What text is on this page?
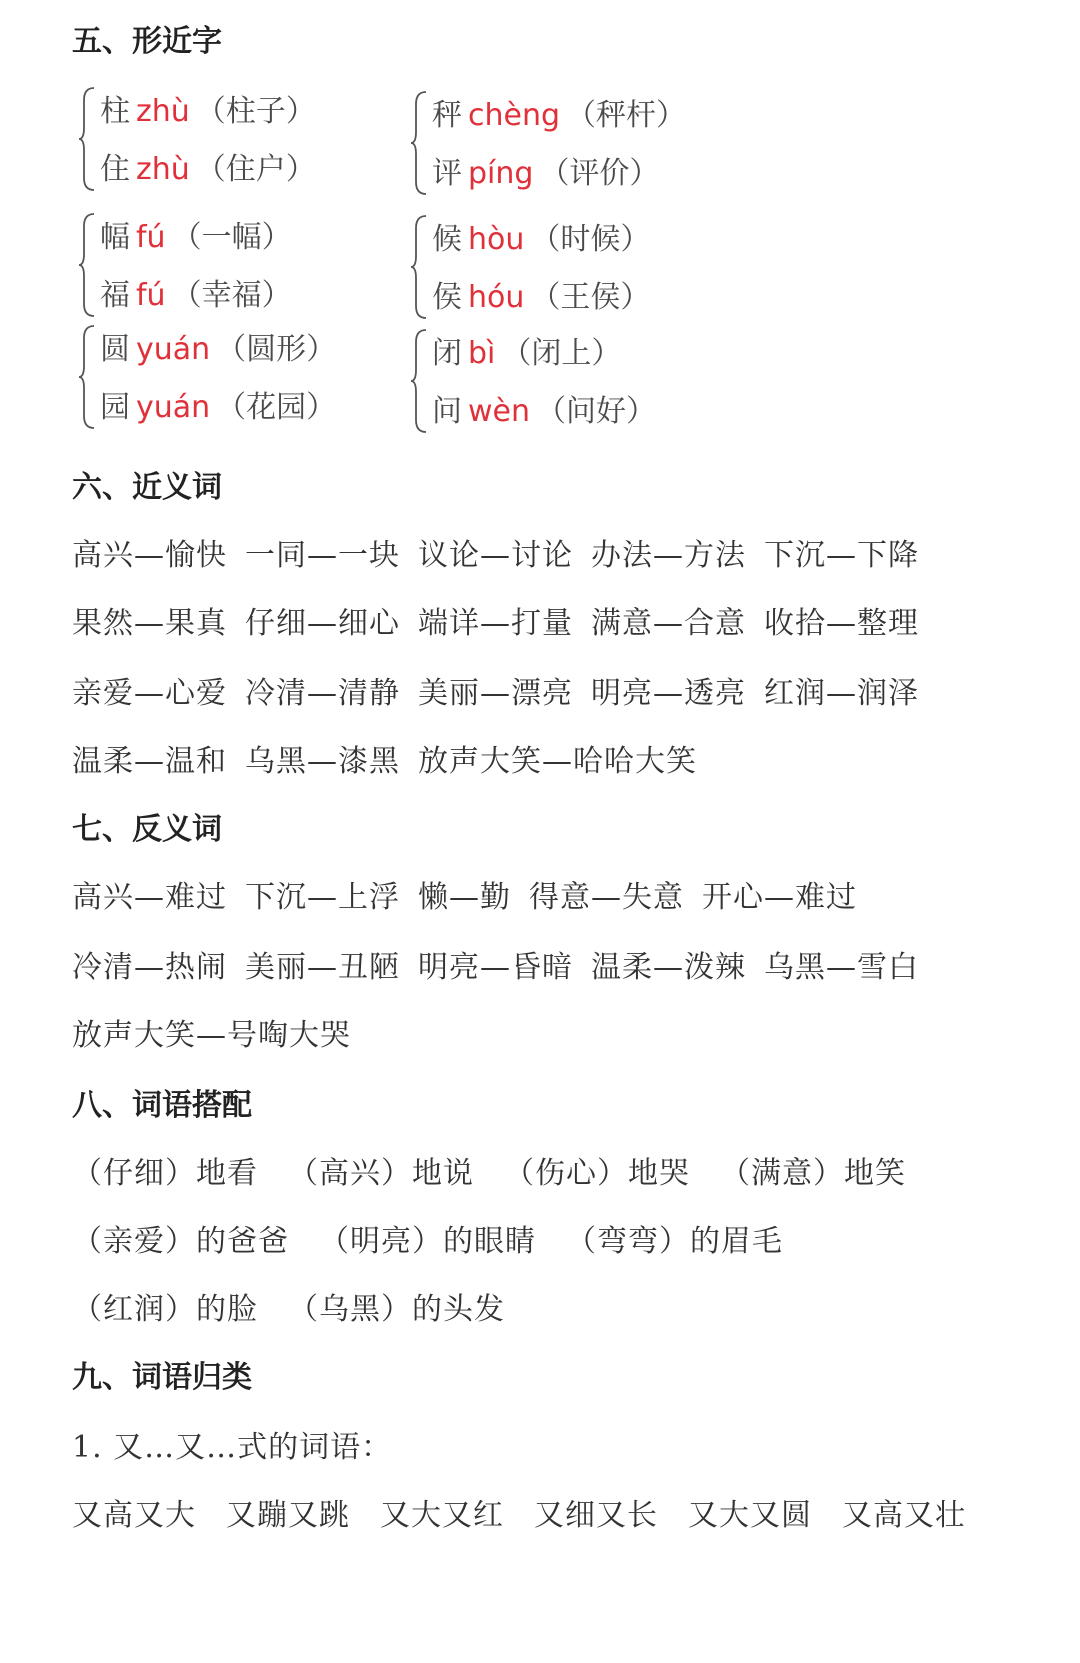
五、形近字
柱 zhù （柱子）
住 zhù （住户）
秤 chèng （秤杆）
评 píng （评价）
幅 fú （一幅）
福 fú （幸福）
候 hòu （时候）
侯 hóu （王侯）
圆 yuán （圆形）
园 yuán （花园）
闭 bì （闭上）
问 wèn （问好）
六、近义词
高兴—愉快 一同—一块 议论—讨论 办法—方法 下沉—下降
果然—果真 仔细—细心 端详—打量 满意—合意 收拾—整理
亲爱—心爱 冷清—清静 美丽—漂亮 明亮—透亮 红润—润泽
温柔—温和 乌黑—漆黑 放声大笑—哈哈大笑
七、反义词
高兴—难过 下沉—上浮 懒—勤 得意—失意 开心—难过
冷清—热闹 美丽—丑陋 明亮—昏暗 温柔—泼辣 乌黑—雪白
放声大笑—号啕大哭
八、词语搭配
（仔细）地看 （高兴）地说 （伤心）地哭 （满意）地笑
（亲爱）的爸爸 （明亮）的眼睛 （弯弯）的眉毛
（红润）的脸 （乌黑）的头发
九、词语归类
1. 又…又…式的词语：
又高又大 又蹦又跳 又大又红 又细又长 又大又圆 又高又壮
